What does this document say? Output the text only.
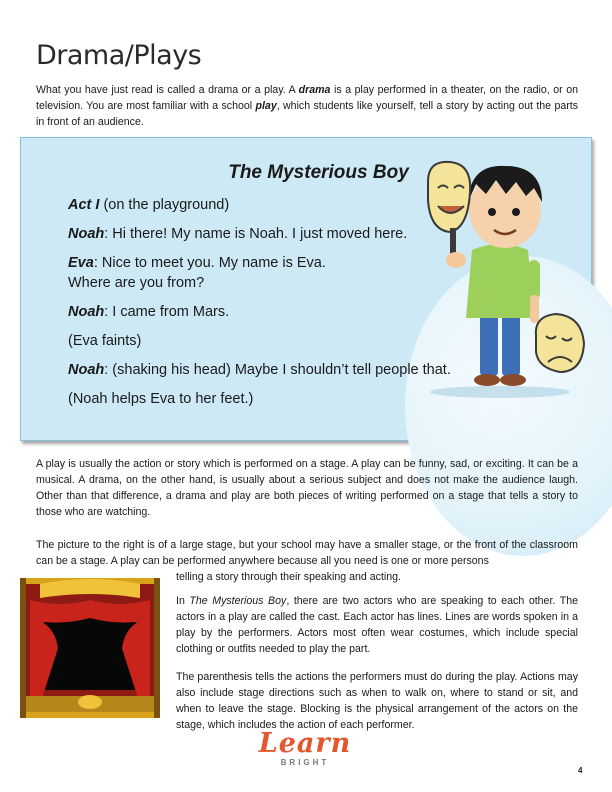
Drama/Plays

What you have just read is called a drama or a play. A drama is a play performed in a theater, on the radio, or on television. You are most familiar with a school play, which students like yourself, tell a story by acting out the parts in front of an audience.

The Mysterious Boy

Act I (on the playground)

Noah: Hi there! My name is Noah. I just moved here.

Eva: Nice to meet you. My name is Eva.
Where are you from?

Noah: I came from Mars.

(Eva faints)

Noah: (shaking his head) Maybe I shouldn’t tell people that.

(Noah helps Eva to her feet.)

A play is usually the action or story which is performed on a stage. A play can be funny, sad, or exciting. It can be a musical. A drama, on the other hand, is usually about a serious subject and does not make the audience laugh. Other than that difference, a drama and play are both pieces of writing performed on a stage that tells a story to those who are watching.

The picture to the right is of a large stage, but your school may have a smaller stage, or the front of the classroom can be a stage. A play can be performed anywhere because all you need is one or more persons

telling a story through their speaking and acting.

In The Mysterious Boy, there are two actors who are speaking to each other. The actors in a play are called the cast. Each actor has lines. Lines are words spoken in a play by the performers. Actors most often wear costumes, which include special clothing or outfits needed to play the part.

The parenthesis tells the actions the performers must do during the play. Actions may also include stage directions such as when to walk on, where to stand or sit, and when to leave the stage. Blocking is the physical arrangement of the actors on the stage, which includes the action of each performer.

Learn
BRIGHT
4
